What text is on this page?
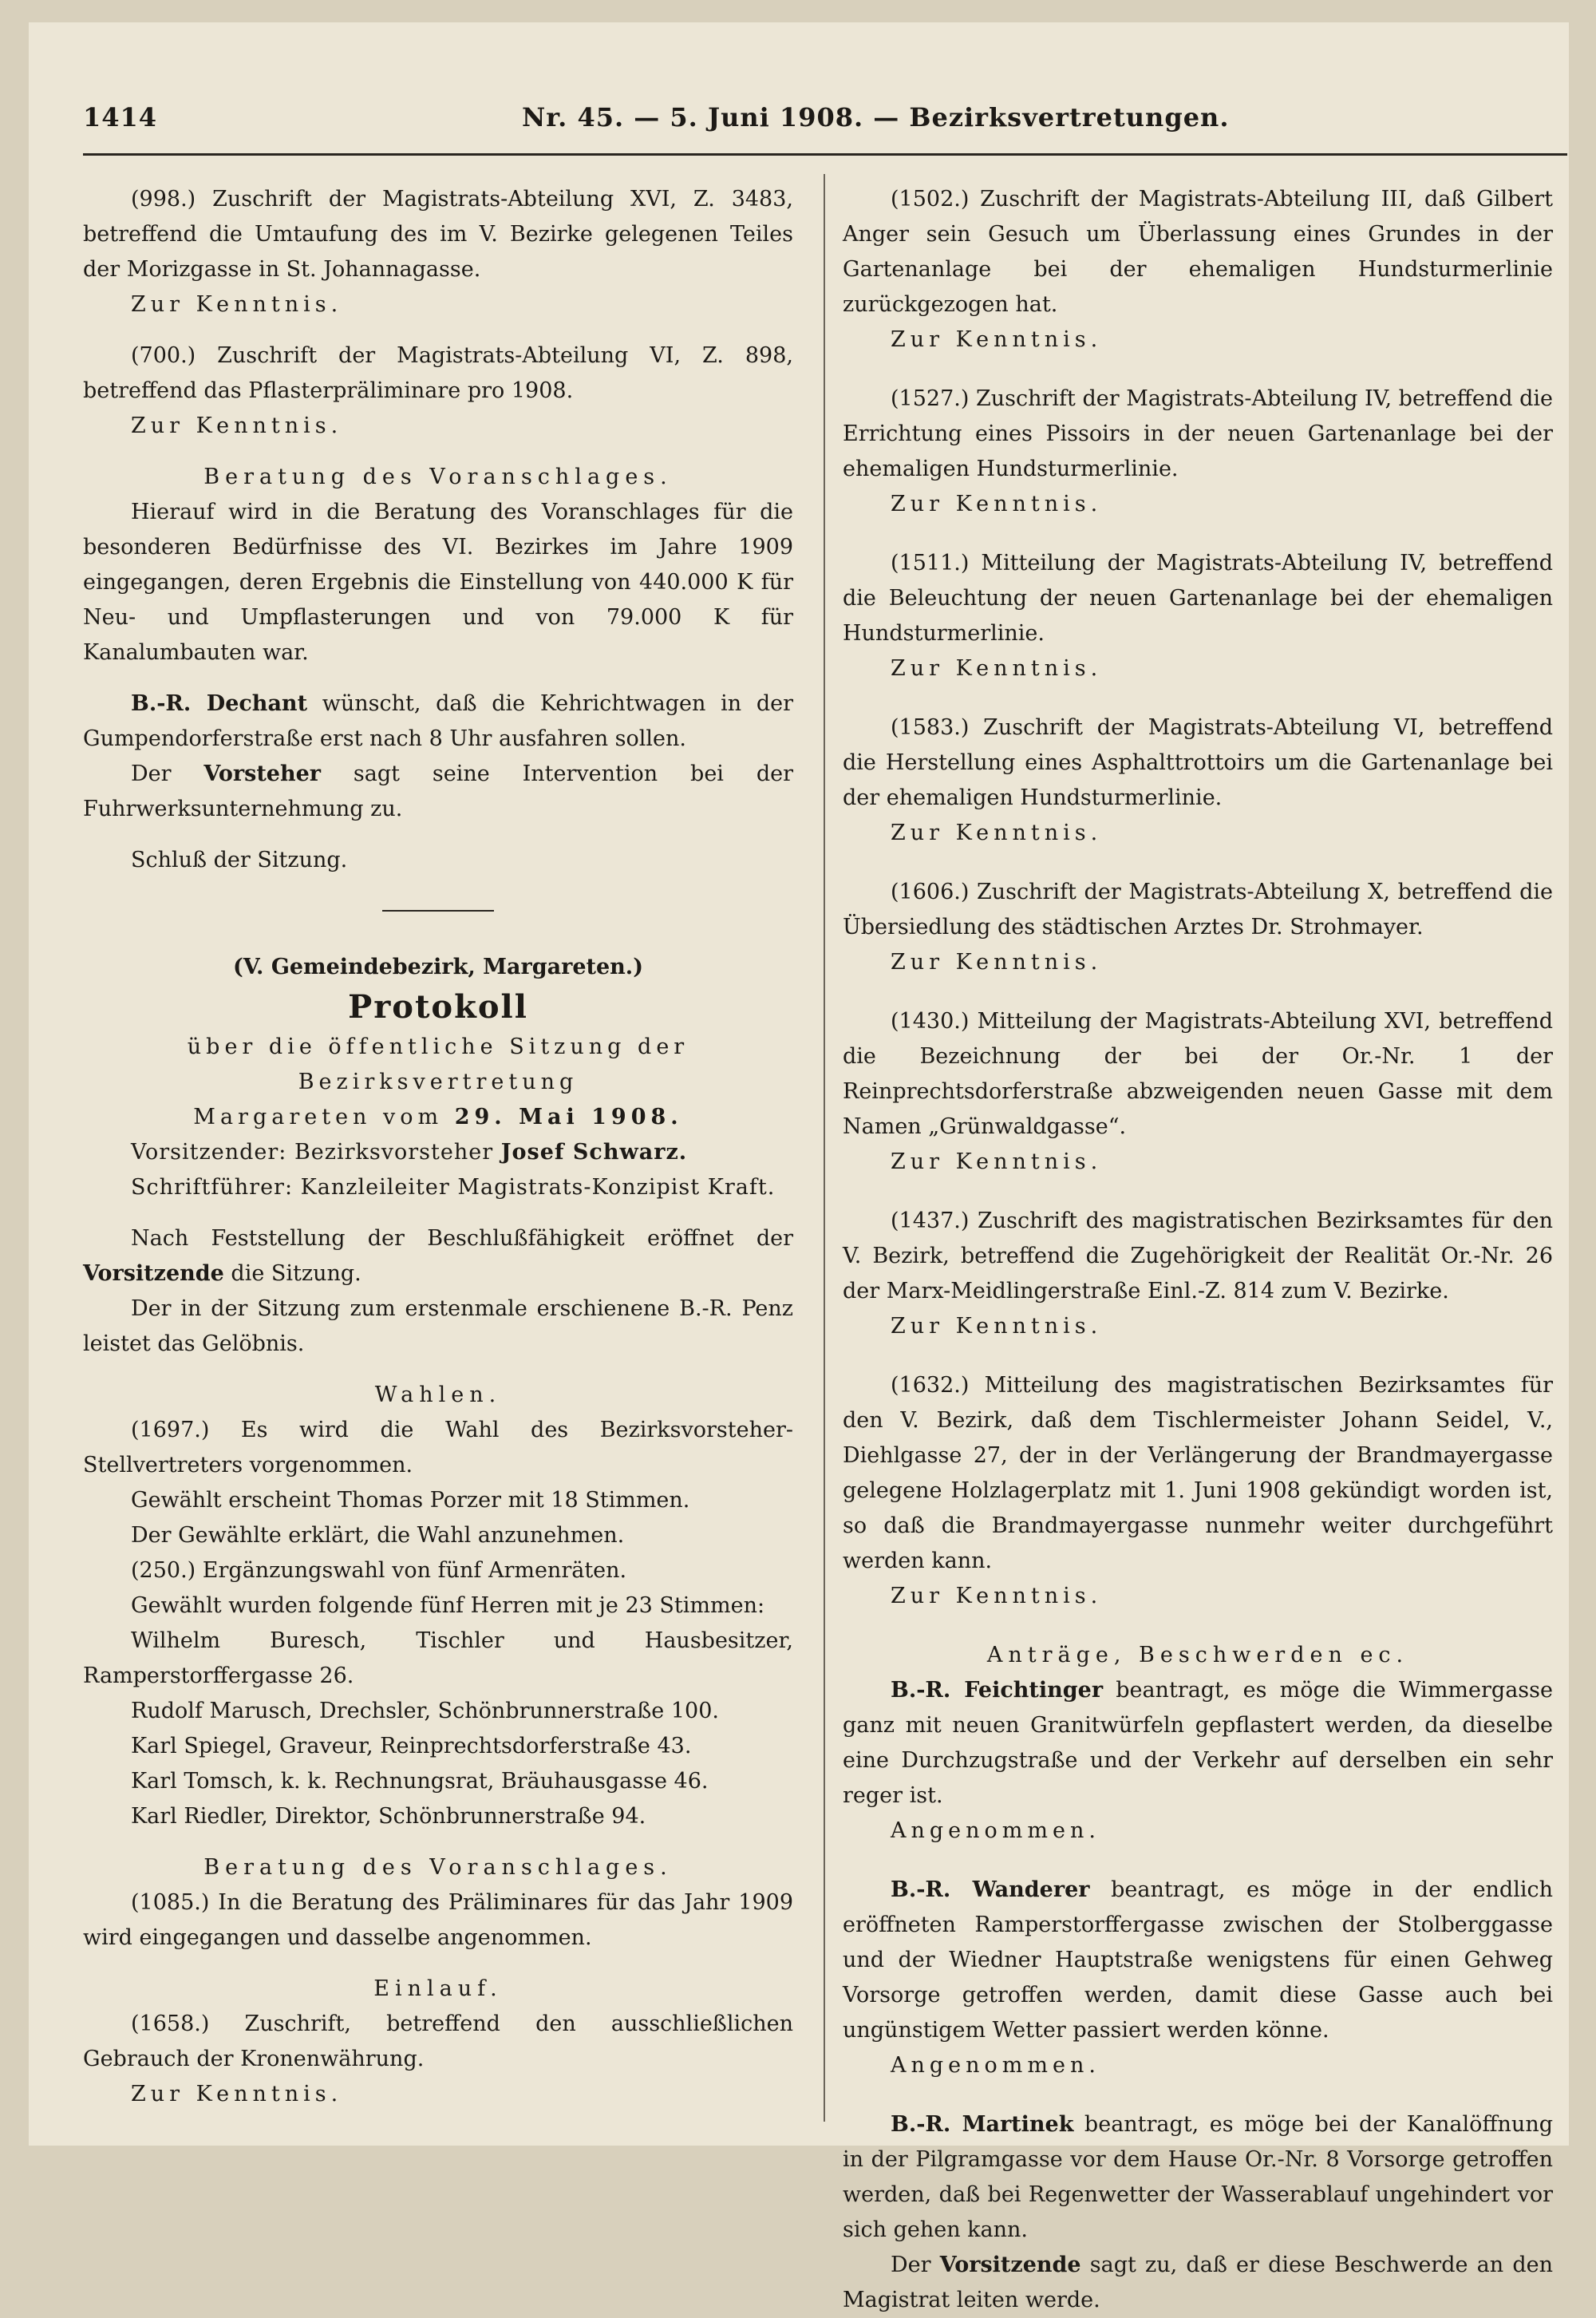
1414	Nr. 45. — 5. Juni 1908. — Bezirksvertretungen.

(998.) Zuschrift der Magistrats-Abteilung XVI, Z. 3483, betreffend die Umtaufung des im V. Bezirke gelegenen Teiles der Morizgasse in St. Johannagasse.

Zur Kenntnis.

(700.) Zuschrift der Magistrats-Abteilung VI, Z. 898, betreffend das Pflasterpräliminare pro 1908.

Zur Kenntnis.

Beratung des Voranschlages.

Hierauf wird in die Beratung des Voranschlages für die besonderen Bedürfnisse des VI. Bezirkes im Jahre 1909 eingegangen, deren Ergebnis die Einstellung von 440.000 K für Neu- und Umpflasterungen und von 79.000 K für Kanalumbauten war.

B.-R. Dechant wünscht, daß die Kehrichtwagen in der Gumpendorferstraße erst nach 8 Uhr ausfahren sollen.

Der Vorsteher sagt seine Intervention bei der Fuhrwerksunternehmung zu.

Schluß der Sitzung.

(V. Gemeindebezirk, Margareten.)

Protokoll

über die öffentliche Sitzung der Bezirksvertretung

Margareten vom 29. Mai 1908.

Vorsitzender: Bezirksvorsteher Josef Schwarz.

Schriftführer: Kanzleileiter Magistrats-Konzipist Kraft.

Nach Feststellung der Beschlußfähigkeit eröffnet der Vorsitzende die Sitzung.

Der in der Sitzung zum erstenmale erschienene B.-R. Penz leistet das Gelöbnis.

Wahlen.

(1697.) Es wird die Wahl des Bezirksvorsteher-Stellvertreters vorgenommen.

Gewählt erscheint Thomas Porzer mit 18 Stimmen.

Der Gewählte erklärt, die Wahl anzunehmen.

(250.) Ergänzungswahl von fünf Armenräten.

Gewählt wurden folgende fünf Herren mit je 23 Stimmen:

Wilhelm Buresch, Tischler und Hausbesitzer, Ramperstorffergasse 26.

Rudolf Marusch, Drechsler, Schönbrunnerstraße 100.

Karl Spiegel, Graveur, Reinprechtsdorferstraße 43.

Karl Tomsch, k. k. Rechnungsrat, Bräuhausgasse 46.

Karl Riedler, Direktor, Schönbrunnerstraße 94.

Beratung des Voranschlages.

(1085.) In die Beratung des Präliminares für das Jahr 1909 wird eingegangen und dasselbe angenommen.

Einlauf.

(1658.) Zuschrift, betreffend den ausschließlichen Gebrauch der Kronenwährung.

Zur Kenntnis.

(1502.) Zuschrift der Magistrats-Abteilung III, daß Gilbert Anger sein Gesuch um Überlassung eines Grundes in der Gartenanlage bei der ehemaligen Hundsturmerlinie zurückgezogen hat.

Zur Kenntnis.

(1527.) Zuschrift der Magistrats-Abteilung IV, betreffend die Errichtung eines Pissoirs in der neuen Gartenanlage bei der ehemaligen Hundsturmerlinie.

Zur Kenntnis.

(1511.) Mitteilung der Magistrats-Abteilung IV, betreffend die Beleuchtung der neuen Gartenanlage bei der ehemaligen Hundsturmerlinie.

Zur Kenntnis.

(1583.) Zuschrift der Magistrats-Abteilung VI, betreffend die Herstellung eines Asphalttrottoirs um die Gartenanlage bei der ehemaligen Hundsturmerlinie.

Zur Kenntnis.

(1606.) Zuschrift der Magistrats-Abteilung X, betreffend die Übersiedlung des städtischen Arztes Dr. Strohmayer.

Zur Kenntnis.

(1430.) Mitteilung der Magistrats-Abteilung XVI, betreffend die Bezeichnung der bei der Or.-Nr. 1 der Reinprechtsdorferstraße abzweigenden neuen Gasse mit dem Namen „Grünwaldgasse“.

Zur Kenntnis.

(1437.) Zuschrift des magistratischen Bezirksamtes für den V. Bezirk, betreffend die Zugehörigkeit der Realität Or.-Nr. 26 der Marx-Meidlingerstraße Einl.-Z. 814 zum V. Bezirke.

Zur Kenntnis.

(1632.) Mitteilung des magistratischen Bezirksamtes für den V. Bezirk, daß dem Tischlermeister Johann Seidel, V., Diehlgasse 27, der in der Verlängerung der Brandmayergasse gelegene Holzlagerplatz mit 1. Juni 1908 gekündigt worden ist, so daß die Brandmayergasse nunmehr weiter durchgeführt werden kann.

Zur Kenntnis.

Anträge, Beschwerden ec.

B.-R. Feichtinger beantragt, es möge die Wimmergasse ganz mit neuen Granitwürfeln gepflastert werden, da dieselbe eine Durchzugstraße und der Verkehr auf derselben ein sehr reger ist.

Angenommen.

B.-R. Wanderer beantragt, es möge in der endlich eröffneten Ramperstorffergasse zwischen der Stolberggasse und der Wiedner Hauptstraße wenigstens für einen Gehweg Vorsorge getroffen werden, damit diese Gasse auch bei ungünstigem Wetter passiert werden könne.

Angenommen.

B.-R. Martinek beantragt, es möge bei der Kanalöffnung in der Pilgramgasse vor dem Hause Or.-Nr. 8 Vorsorge getroffen werden, daß bei Regenwetter der Wasserablauf ungehindert vor sich gehen kann.

Der Vorsitzende sagt zu, daß er diese Beschwerde an den Magistrat leiten werde.
